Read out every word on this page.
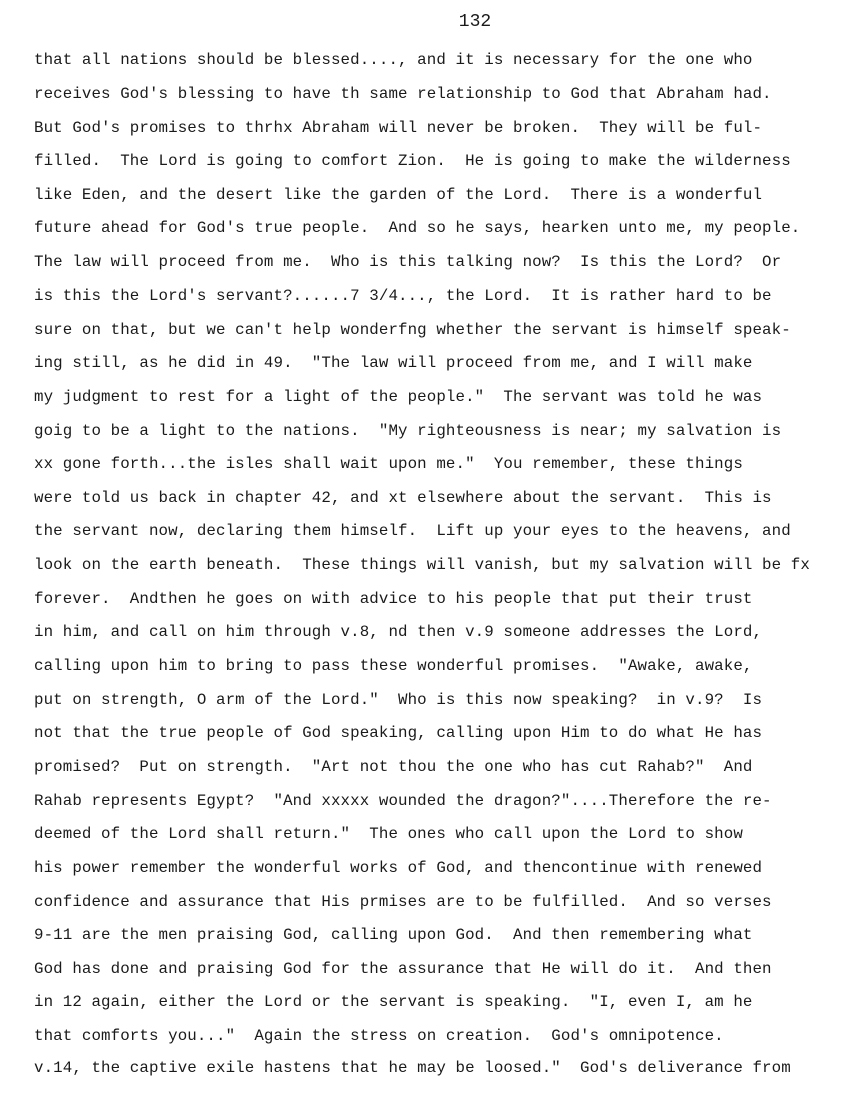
132
that all nations should be blessed...., and it is necessary for the one who
receives God's blessing to have th same relationship to God that Abraham had.
But God's promises to thrhx Abraham will never be broken.  They will be ful-
filled.  The Lord is going to comfort Zion.  He is going to make the wilderness
like Eden, and the desert like the garden of the Lord.  There is a wonderful
future ahead for God's true people.  And so he says, hearken unto me, my people.
The law will proceed from me.  Who is this talking now?  Is this the Lord?  Or
is this the Lord's servant?......7 3/4..., the Lord.  It is rather hard to be
sure on that, but we can't help wonderfng whether the servant is himself speak-
ing still, as he did in 49.  "The law will proceed from me, and I will make
my judgment to rest for a light of the people."  The servant was told he was
goig to be a light to the nations.  "My righteousness is near; my salvation is
xx gone forth...the isles shall wait upon me."  You remember, these things
were told us back in chapter 42, and xt elsewhere about the servant.  This is
the servant now, declaring them himself.  Lift up your eyes to the heavens, and
look on the earth beneath.  These things will vanish, but my salvation will be fx
forever.  Andthen he goes on with advice to his people that put their trust
in him, and call on him through v.8, nd then v.9 someone addresses the Lord,
calling upon him to bring to pass these wonderful promises.  "Awake, awake,
put on strength, O arm of the Lord."  Who is this now speaking?  in v.9?  Is
not that the true people of God speaking, calling upon Him to do what He has
promised?  Put on strength.  "Art not thou the one who has cut Rahab?"  And
Rahab represents Egypt?  "And xxxxx wounded the dragon?"....Therefore the re-
deemed of the Lord shall return."  The ones who call upon the Lord to show
his power remember the wonderful works of God, and thencontinue with renewed
confidence and assurance that His prmises are to be fulfilled.  And so verses
9-11 are the men praising God, calling upon God.  And then remembering what
God has done and praising God for the assurance that He will do it.  And then
in 12 again, either the Lord or the servant is speaking.  "I, even I, am he
that comforts you..."  Again the stress on creation.  God's omnipotence.
v.14, the captive exile hastens that he may be loosed."  God's deliverance from
